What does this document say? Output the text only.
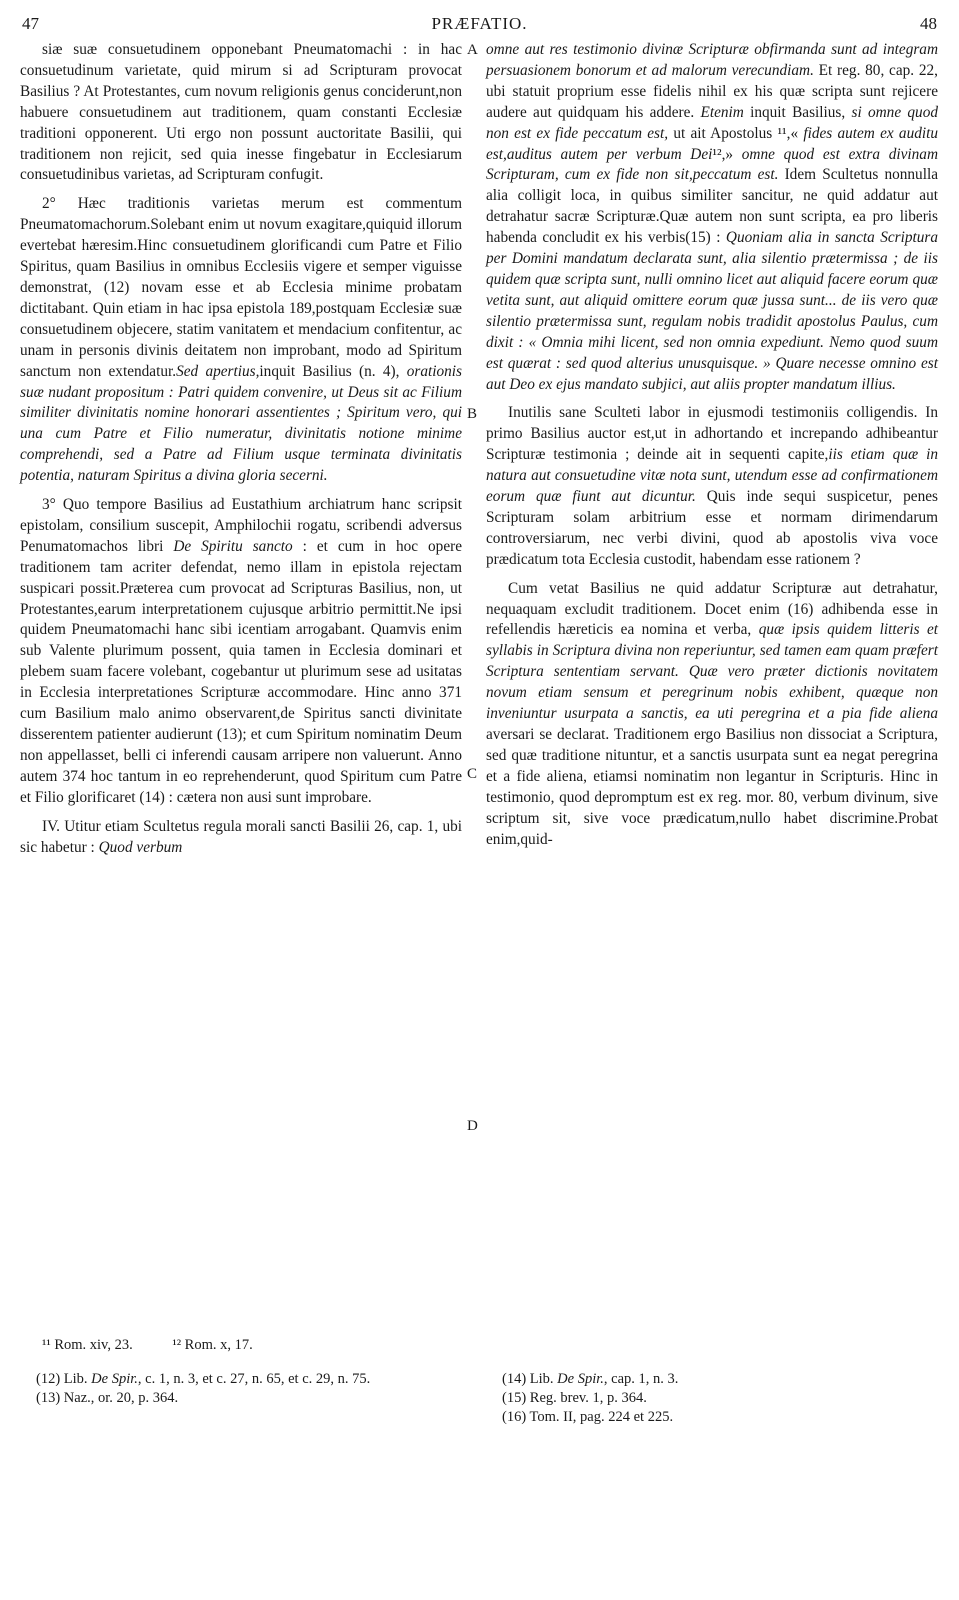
47	PRÆFATIO.	48

siæ suæ consuetudinem opponebant Pneumatomachi : in hac consuetudinum varietate, quid mirum si ad Scripturam provocat Basilius ? At Protestantes, cum novum religionis genus conciderunt,non habuere consuetudinem aut traditionem, quam constanti Ecclesiæ traditioni opponerent. Uti ergo non possunt auctoritate Basilii, qui traditionem non rejicit, sed quia inesse fingebatur in Ecclesiarum consuetudinibus varietas, ad Scripturam confugit.

2° Hæc traditionis varietas merum est commentum Pneumatomachorum.Solebant enim ut novum exagitare,quiquid illorum evertebat hæresim.Hinc consuetudinem glorificandi cum Patre et Filio Spiritus, quam Basilius in omnibus Ecclesiis vigere et semper viguisse demonstrat, (12) novam esse et ab Ecclesia minime probatam dictitabant. Quin etiam in hac ipsa epistola 189,postquam Ecclesiæ suæ consuetudinem objecere, statim vanitatem et mendacium confitentur, ac unam in personis divinis deitatem non improbant, modo ad Spiritum sanctum non extendatur.Sed apertius,inquit Basilius (n. 4), orationis suæ nudant propositum : Patri quidem convenire, ut Deus sit ac Filium similiter divinitatis nomine honorari assentientes ; Spiritum vero, qui una cum Patre et Filio numeratur, divinitatis notione minime comprehendi, sed a Patre ad Filium usque terminata divinitatis potentia, naturam Spiritus a divina gloria secerni.

3° Quo tempore Basilius ad Eustathium archiatrum hanc scripsit epistolam, consilium suscepit, Amphilochii rogatu, scribendi adversus Penumatomachos libri De Spiritu sancto : et cum in hoc opere traditionem tam acriter defendat, nemo illam in epistola rejectam suspicari possit.Præterea cum provocat ad Scripturas Basilius, non, ut Protestantes,earum interpretationem cujusque arbitrio permittit.Ne ipsi quidem Pneumatomachi hanc sibi icentiam arrogabant. Quamvis enim sub Valente plurimum possent, quia tamen in Ecclesia dominari et plebem suam facere volebant, cogebantur ut plurimum sese ad usitatas in Ecclesia interpretationes Scripturæ accommodare. Hinc anno 371 cum Basilium malo animo observarent,de Spiritus sancti divinitate disserentem patienter audierunt (13); et cum Spiritum nominatim Deum non appellasset, belli ci inferendi causam arripere non valuerunt. Anno autem 374 hoc tantum in eo reprehenderunt, quod Spiritum cum Patre et Filio glorificaret (14) : cætera non ausi sunt improbare.

IV. Utitur etiam Scultetus regula morali sancti Basilii 26, cap. 1, ubi sic habetur : Quod verbum

omne aut res testimonio divinæ Scripturæ obfirmanda sunt ad integram persuasionem bonorum et ad malorum verecundiam. Et reg. 80, cap. 22, ubi statuit proprium esse fidelis nihil ex his quæ scripta sunt rejicere audere aut quidquam his addere. Etenim inquit Basilius, si omne quod non est ex fide peccatum est, ut ait Apostolus ¹¹,« fides autem ex auditu est,auditus autem per verbum Dei¹²,» omne quod est extra divinam Scripturam, cum ex fide non sit,peccatum est. Idem Scultetus nonnulla alia colligit loca, in quibus similiter sancitur, ne quid addatur aut detrahatur sacræ Scripturæ.Quæ autem non sunt scripta, ea pro liberis habenda concludit ex his verbis(15) : Quoniam alia in sancta Scriptura per Domini mandatum declarata sunt, alia silentio prætermissa ; de iis quidem quæ scripta sunt, nulli omnino licet aut aliquid facere eorum quæ vetita sunt, aut aliquid omittere eorum quæ jussa sunt... de iis vero quæ silentio prætermissa sunt, regulam nobis tradidit apostolus Paulus, cum dixit : « Omnia mihi licent, sed non omnia expediunt. Nemo quod suum est quærat : sed quod alterius unusquisque. » Quare necesse omnino est aut Deo ex ejus mandato subjici, aut aliis propter mandatum illius.

Inutilis sane Sculteti labor in ejusmodi testimoniis colligendis. In primo Basilius auctor est,ut in adhortando et increpando adhibeantur Scripturæ testimonia ; deinde ait in sequenti capite,iis etiam quæ in natura aut consuetudine vitæ nota sunt, utendum esse ad confirmationem eorum quæ fiunt aut dicuntur. Quis inde sequi suspicetur, penes Scripturam solam arbitrium esse et normam dirimendarum controversiarum, nec verbi divini, quod ab apostolis viva voce prædicatum tota Ecclesia custodit, habendam esse rationem ?

Cum vetat Basilius ne quid addatur Scripturæ aut detrahatur, nequaquam excludit traditionem. Docet enim (16) adhibenda esse in refellendis hæreticis ea nomina et verba, quæ ipsis quidem litteris et syllabis in Scriptura divina non reperiuntur, sed tamen eam quam præfert Scriptura sententiam servant. Quæ vero præter dictionis novitatem novum etiam sensum et peregrinum nobis exhibent, quæque non inveniuntur usurpata a sanctis, ea uti peregrina et a pia fide aliena aversari se declarat. Traditionem ergo Basilius non dissociat a Scriptura, sed quæ traditione nituntur, et a sanctis usurpata sunt ea negat peregrina et a fide aliena, etiamsi nominatim non legantur in Scripturis. Hinc in testimonio, quod depromptum est ex reg. mor. 80, verbum divinum, sive scriptum sit, sive voce prædicatum,nullo habet discrimine.Probat enim,quid-

A
B
C
D
¹¹ Rom. xiv, 23.	¹² Rom. x, 17.
(12) Lib. De Spir., c. 1, n. 3, et c. 27, n. 65, et c. 29, n. 75.
(13) Naz., or. 20, p. 364.
(14) Lib. De Spir., cap. 1, n. 3.
(15) Reg. brev. 1, p. 364.
(16) Tom. II, pag. 224 et 225.
